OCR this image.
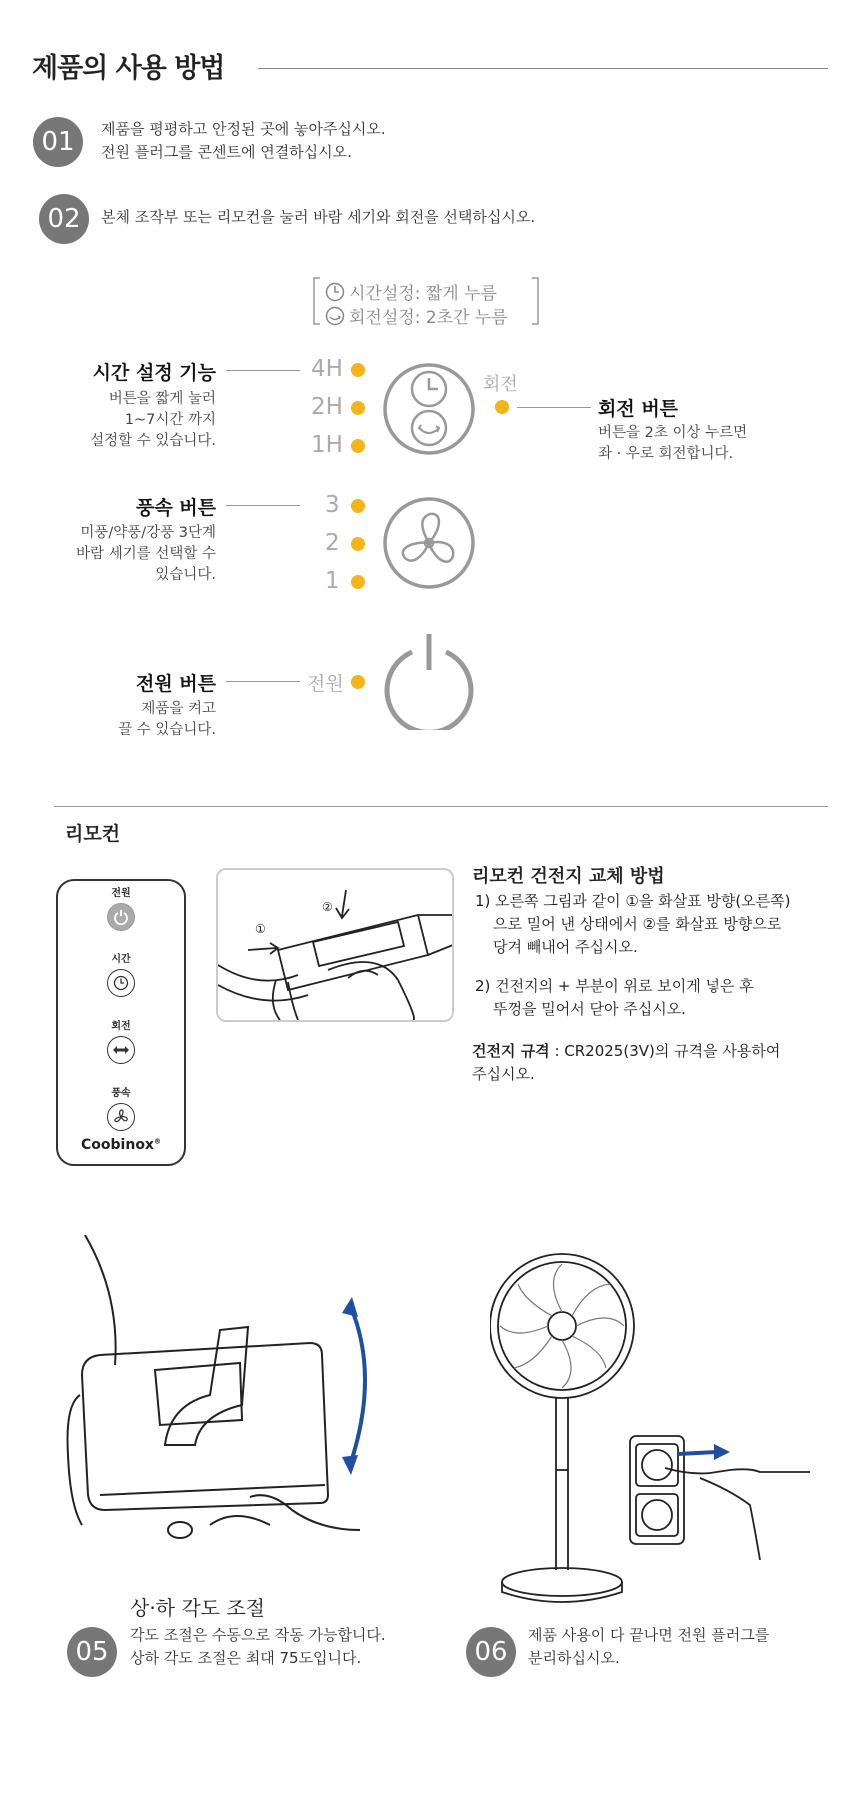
제품의 사용 방법
01	제품을 평평하고 안정된 곳에 놓아주십시오.
전원 플러그를 콘센트에 연결하십시오.
02	본체 조작부 또는 리모컨을 눌러 바람 세기와 회전을 선택하십시오.
시간설정: 짧게 누름
회전설정: 2초간 누름
시간 설정 기능
버튼을 짧게 눌러
1~7시간 까지
설정할 수 있습니다.
4H
2H
1H
회전
회전 버튼
버튼을 2초 이상 누르면
좌 · 우로 회전합니다.
풍속 버튼
미풍/약풍/강풍 3단계
바람 세기를 선택할 수
있습니다.
3
2
1
전원 버튼
제품을 켜고
끌 수 있습니다.
전원
리모컨
전원
시간
회전
풍속
Coobinox®
①
②
리모컨 건전지 교체 방법
1) 오른쪽 그림과 같이 ①을 화살표 방향(오른쪽)
으로 밀어 낸 상태에서 ②를 화살표 방향으로
당겨 빼내어 주십시오.
2) 건전지의 + 부분이 위로 보이게 넣은 후
뚜껑을 밀어서 닫아 주십시오.
건전지 규격 : CR2025(3V)의 규격을 사용하여
주십시오.
상·하 각도 조절
05
각도 조절은 수동으로 작동 가능합니다.
상하 각도 조절은 최대 75도입니다.	06
제품 사용이 다 끝나면 전원 플러그를
분리하십시오.
